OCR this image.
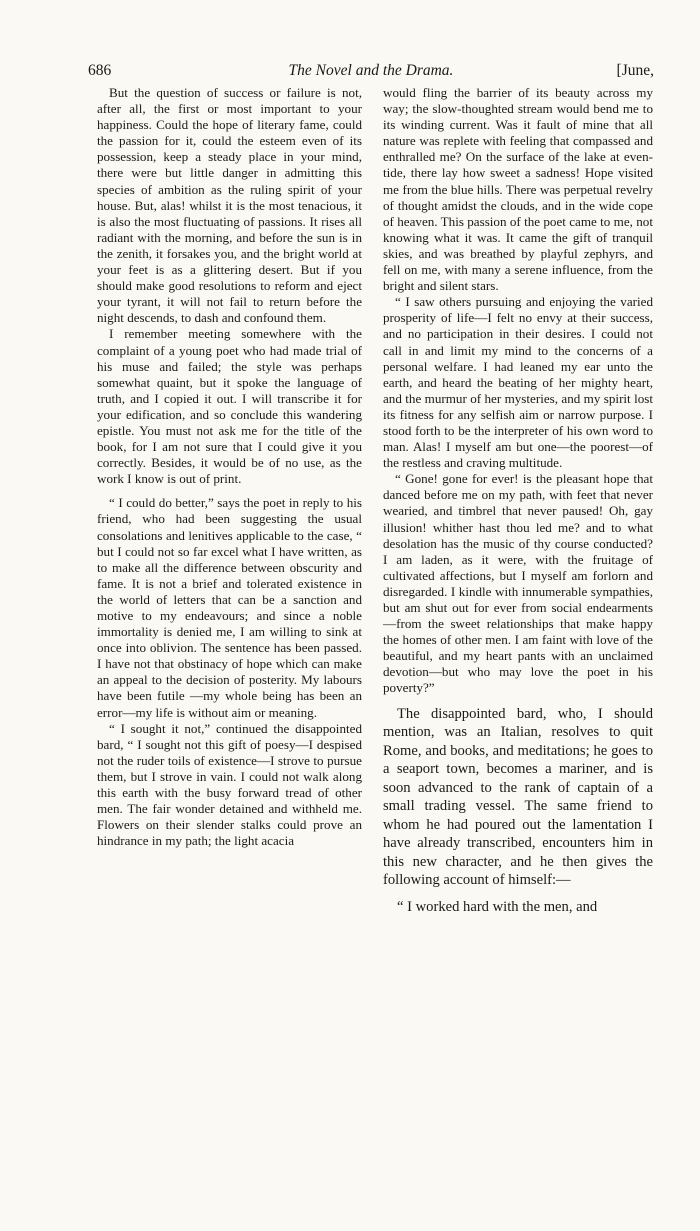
686	The Novel and the Drama.	[June,

But the question of success or failure is not, after all, the first or most important to your happiness. Could the hope of literary fame, could the passion for it, could the esteem even of its possession, keep a steady place in your mind, there were but little danger in admitting this species of ambition as the ruling spirit of your house. But, alas! whilst it is the most tenacious, it is also the most fluctuating of passions. It rises all radiant with the morning, and before the sun is in the zenith, it forsakes you, and the bright world at your feet is as a glittering desert. But if you should make good resolutions to reform and eject your tyrant, it will not fail to return before the night descends, to dash and confound them.

I remember meeting somewhere with the complaint of a young poet who had made trial of his muse and failed; the style was perhaps somewhat quaint, but it spoke the language of truth, and I copied it out. I will transcribe it for your edification, and so conclude this wandering epistle. You must not ask me for the title of the book, for I am not sure that I could give it you correctly. Besides, it would be of no use, as the work I know is out of print.

“ I could do better,” says the poet in reply to his friend, who had been suggesting the usual consolations and lenitives applicable to the case, “ but I could not so far excel what I have written, as to make all the difference between obscurity and fame. It is not a brief and tolerated existence in the world of letters that can be a sanction and motive to my endeavours; and since a noble immortality is denied me, I am willing to sink at once into oblivion. The sentence has been passed. I have not that obstinacy of hope which can make an appeal to the decision of posterity. My labours have been futile —my whole being has been an error—my life is without aim or meaning.

“ I sought it not,” continued the disappointed bard, “ I sought not this gift of poesy—I despised not the ruder toils of existence—I strove to pursue them, but I strove in vain. I could not walk along this earth with the busy forward tread of other men. The fair wonder detained and withheld me. Flowers on their slender stalks could prove an hindrance in my path; the light acacia

would fling the barrier of its beauty across my way; the slow-thoughted stream would bend me to its winding current. Was it fault of mine that all nature was replete with feeling that compassed and enthralled me? On the surface of the lake at even-tide, there lay how sweet a sadness! Hope visited me from the blue hills. There was perpetual revelry of thought amidst the clouds, and in the wide cope of heaven. This passion of the poet came to me, not knowing what it was. It came the gift of tranquil skies, and was breathed by playful zephyrs, and fell on me, with many a serene influence, from the bright and silent stars.

“ I saw others pursuing and enjoying the varied prosperity of life—I felt no envy at their success, and no participation in their desires. I could not call in and limit my mind to the concerns of a personal welfare. I had leaned my ear unto the earth, and heard the beating of her mighty heart, and the murmur of her mysteries, and my spirit lost its fitness for any selfish aim or narrow purpose. I stood forth to be the interpreter of his own word to man. Alas! I myself am but one—the poorest—of the restless and craving multitude.

“ Gone! gone for ever! is the pleasant hope that danced before me on my path, with feet that never wearied, and timbrel that never paused! Oh, gay illusion! whither hast thou led me? and to what desolation has the music of thy course conducted? I am laden, as it were, with the fruitage of cultivated affections, but I myself am forlorn and disregarded. I kindle with innumerable sympathies, but am shut out for ever from social endearments—from the sweet relationships that make happy the homes of other men. I am faint with love of the beautiful, and my heart pants with an unclaimed devotion—but who may love the poet in his poverty?”

The disappointed bard, who, I should mention, was an Italian, resolves to quit Rome, and books, and meditations; he goes to a seaport town, becomes a mariner, and is soon advanced to the rank of captain of a small trading vessel. The same friend to whom he had poured out the lamentation I have already transcribed, encounters him in this new character, and he then gives the following account of himself:—

“ I worked hard with the men, and
